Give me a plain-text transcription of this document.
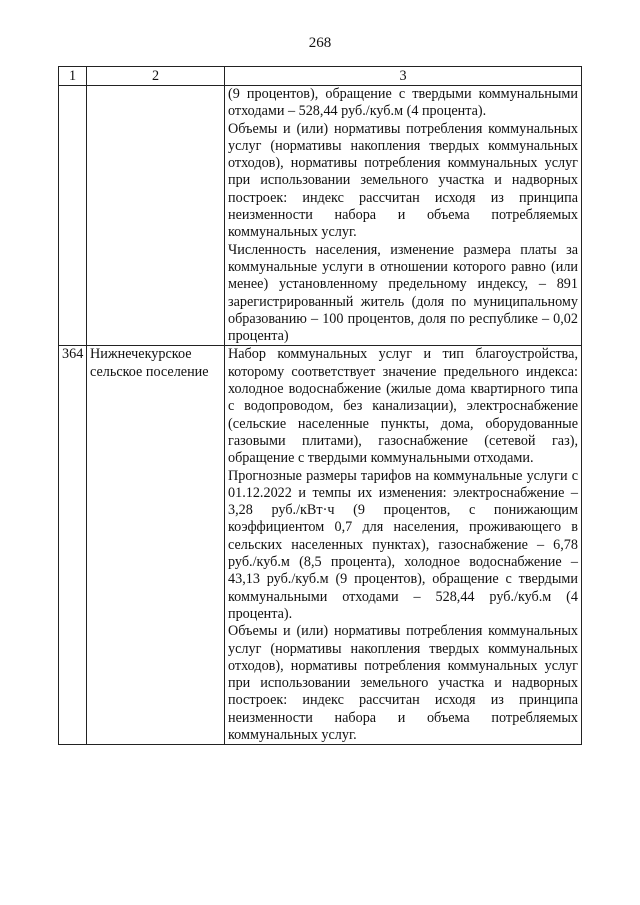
268
1	2	3

		(9 процентов), обращение с твердыми коммунальными отходами – 528,44 руб./куб.м (4 процента).

Объемы и (или) нормативы потребления коммунальных услуг (нормативы накопления твердых коммунальных отходов), нормативы потребления коммунальных услуг при использовании земельного участка и надворных построек: индекс рассчитан исходя из принципа неизменности набора и объема потребляемых коммунальных услуг.

Численность населения, изменение размера платы за коммунальные услуги в отношении которого равно (или менее) установленному предельному индексу, – 891 зарегистрированный житель (доля по муниципальному образованию – 100 процентов, доля по республике – 0,02 процента)

364	Нижнечекурское сельское поселение	Набор коммунальных услуг и тип благоустройства, которому соответствует значение предельного индекса: холодное водоснабжение (жилые дома квартирного типа с водопроводом, без канализации), электроснабжение (сельские населенные пункты, дома, оборудованные газовыми плитами), газоснабжение (сетевой газ), обращение с твердыми коммунальными отходами.

Прогнозные размеры тарифов на коммунальные услуги с 01.12.2022 и темпы их изменения: электроснабжение – 3,28 руб./кВт·ч (9 процентов, с понижающим коэффициентом 0,7 для населения, проживающего в сельских населенных пунктах), газоснабжение – 6,78 руб./куб.м (8,5 процента), холодное водоснабжение – 43,13 руб./куб.м (9 процентов), обращение с твердыми коммунальными отходами – 528,44 руб./куб.м (4 процента).

Объемы и (или) нормативы потребления коммунальных услуг (нормативы накопления твердых коммунальных отходов), нормативы потребления коммунальных услуг при использовании земельного участка и надворных построек: индекс рассчитан исходя из принципа неизменности набора и объема потребляемых коммунальных услуг.
